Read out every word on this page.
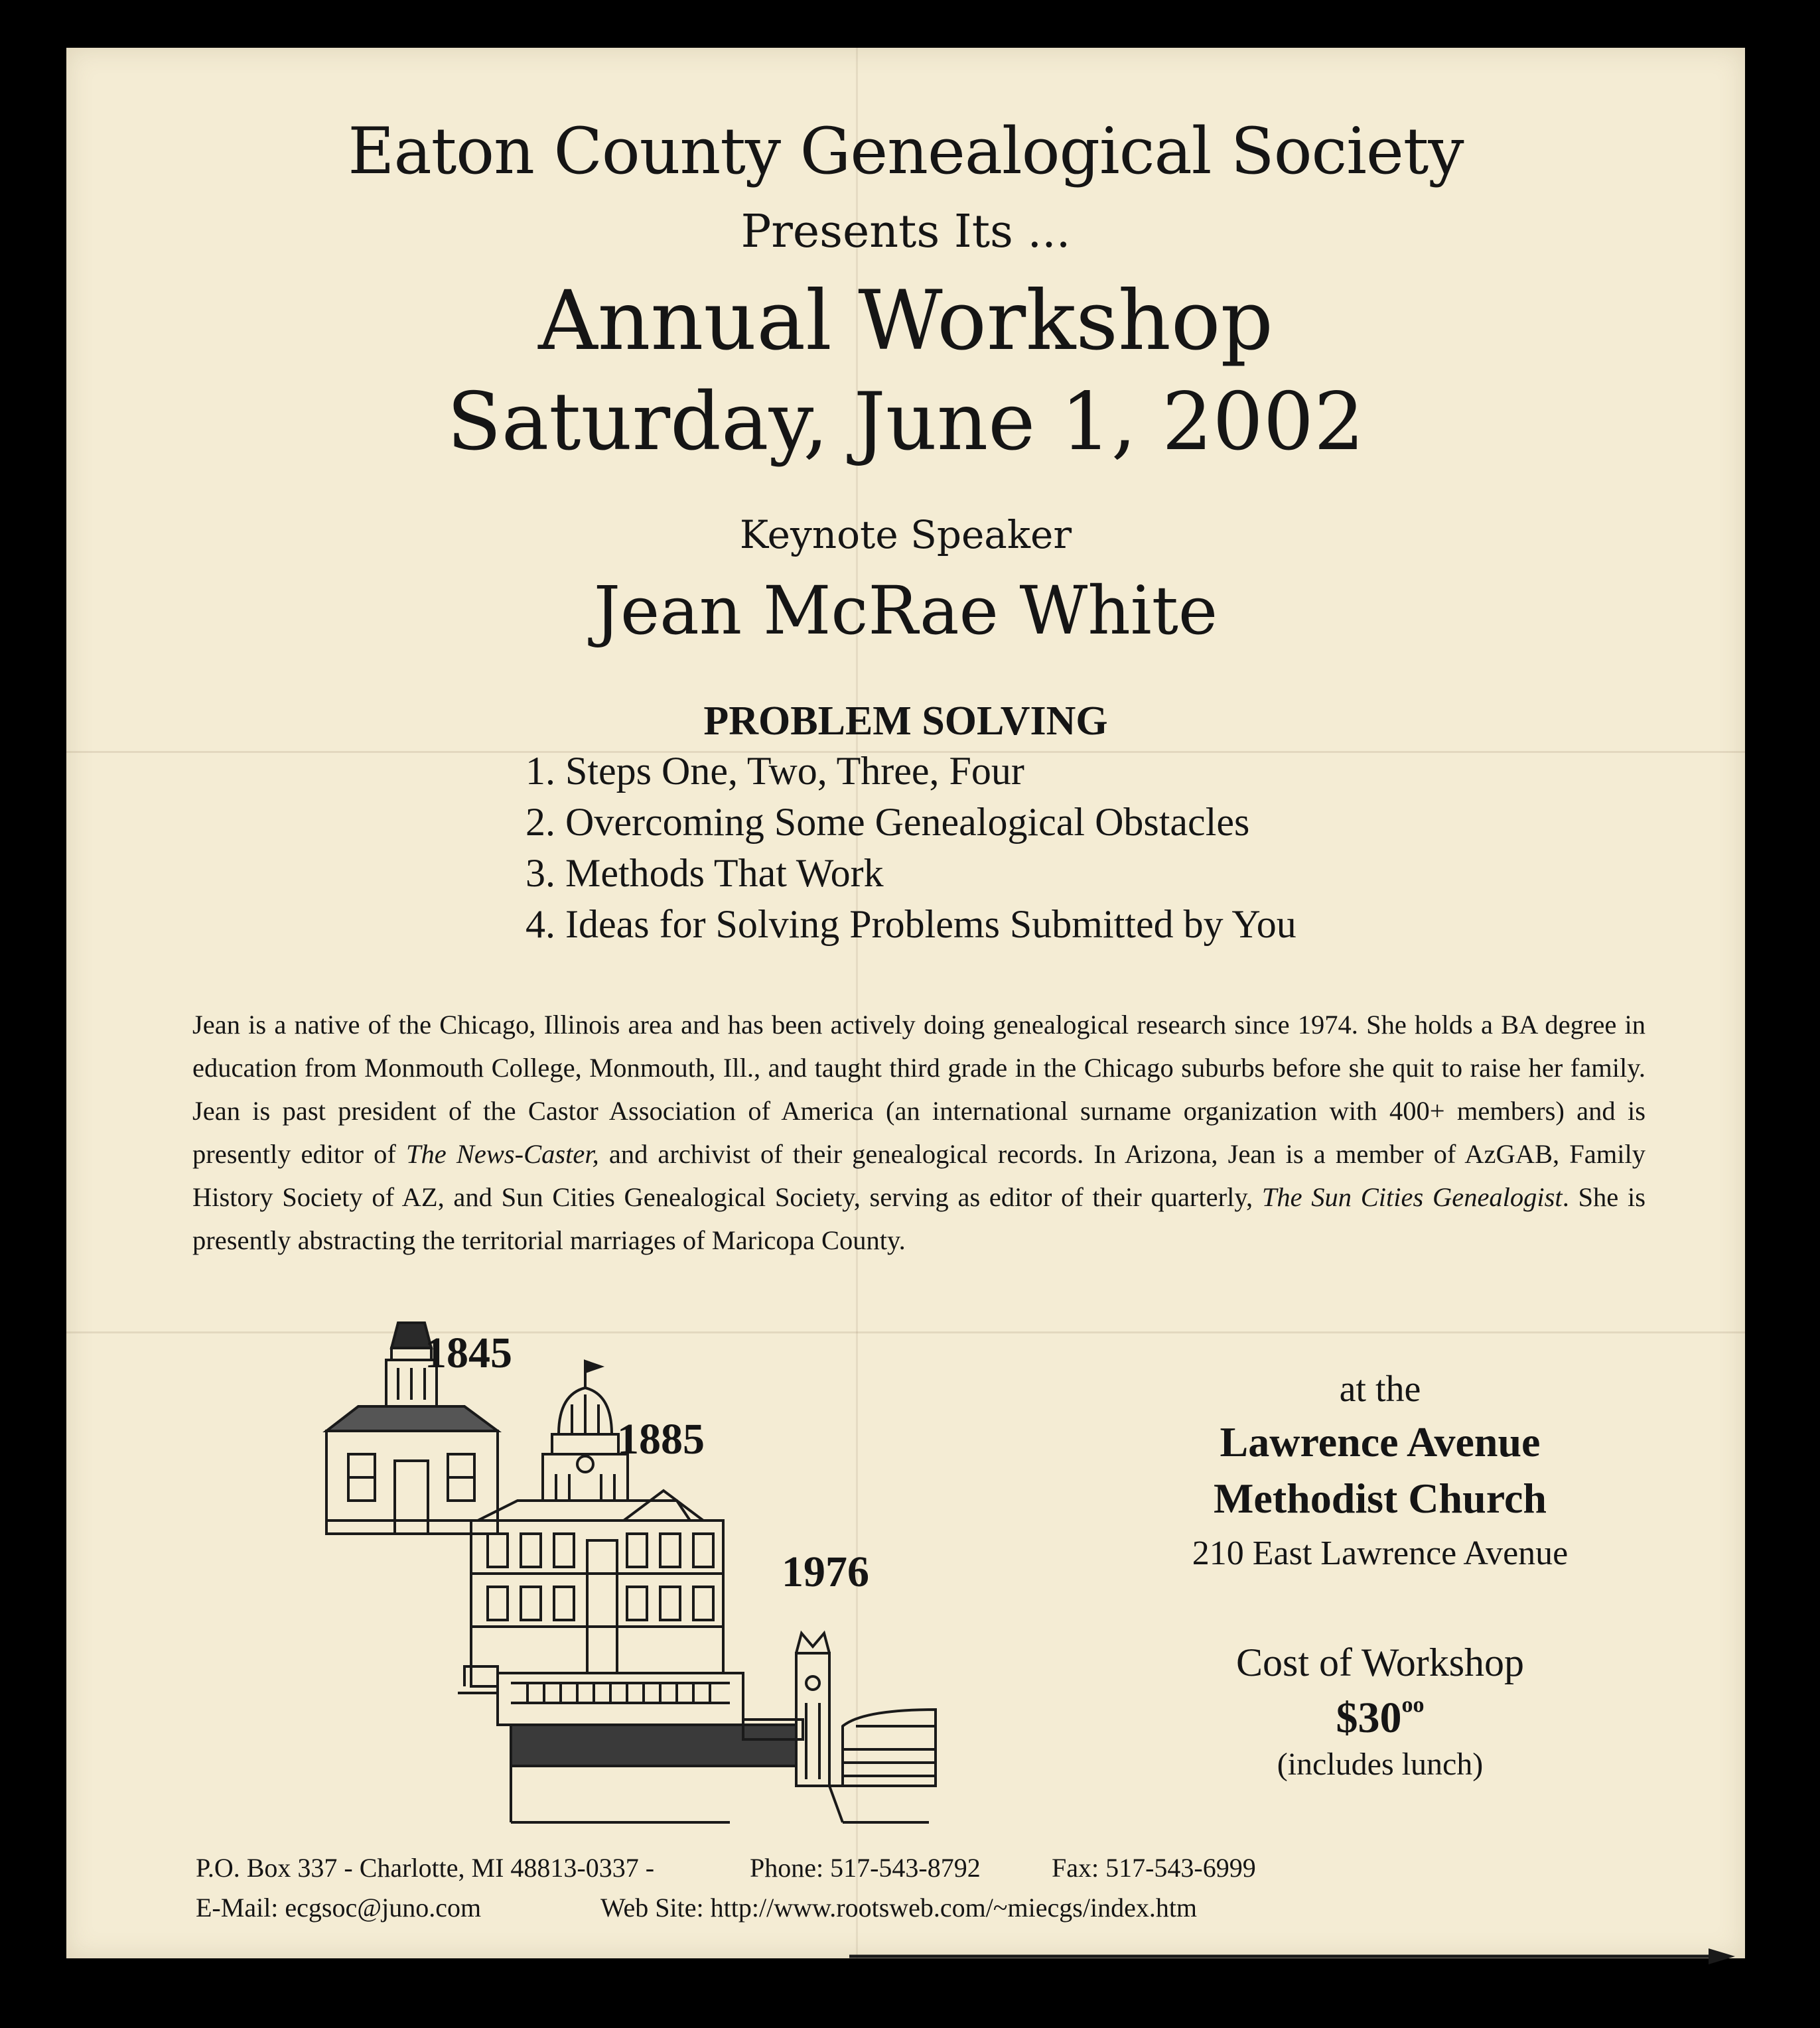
Eaton County Genealogical Society
Presents Its ...
Annual Workshop
Saturday, June 1, 2002
Keynote Speaker
Jean McRae White
PROBLEM SOLVING
1. Steps One, Two, Three, Four
2. Overcoming Some Genealogical Obstacles
3. Methods That Work
4. Ideas for Solving Problems Submitted by You

Jean is a native of the Chicago, Illinois area and has been actively doing genealogical research since 1974. She holds a BA degree in education from Monmouth College, Monmouth, Ill., and taught third grade in the Chicago suburbs before she quit to raise her family. Jean is past president of the Castor Association of America (an international surname organization with 400+ members) and is presently editor of The News-Caster, and archivist of their genealogical records. In Arizona, Jean is a member of AzGAB, Family History Society of AZ, and Sun Cities Genealogical Society, serving as editor of their quarterly, The Sun Cities Genealogist. She is presently abstracting the territorial marriages of Maricopa County.

1845
1885
1976
at the
Lawrence Avenue
Methodist Church
210 East Lawrence Avenue
Cost of Workshop
$\$30^{oo}$
(includes lunch)
P.O. Box 337 - Charlotte, MI 48813-0337 -	Phone: 517-543-8792	Fax: 517-543-6999
E-Mail: ecgsoc@juno.com	Web Site: http://www.rootsweb.com/~miecgs/index.htm
